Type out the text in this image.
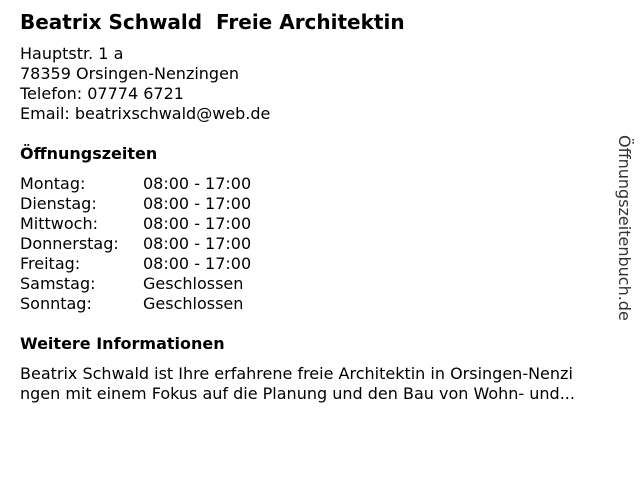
Beatrix Schwald  Freie Architektin
Hauptstr. 1 a
78359 Orsingen-Nenzingen
Telefon: 07774 6721
Email: beatrixschwald@web.de
Öffnungszeiten
Montag:	08:00 - 17:00
Dienstag:	08:00 - 17:00
Mittwoch:	08:00 - 17:00
Donnerstag:	08:00 - 17:00
Freitag:	08:00 - 17:00
Samstag:	Geschlossen
Sonntag:	Geschlossen
Weitere Informationen
Beatrix Schwald ist Ihre erfahrene freie Architektin in Orsingen-Nenzi
ngen mit einem Fokus auf die Planung und den Bau von Wohn- und...
Öffnungszeitenbuch.de
